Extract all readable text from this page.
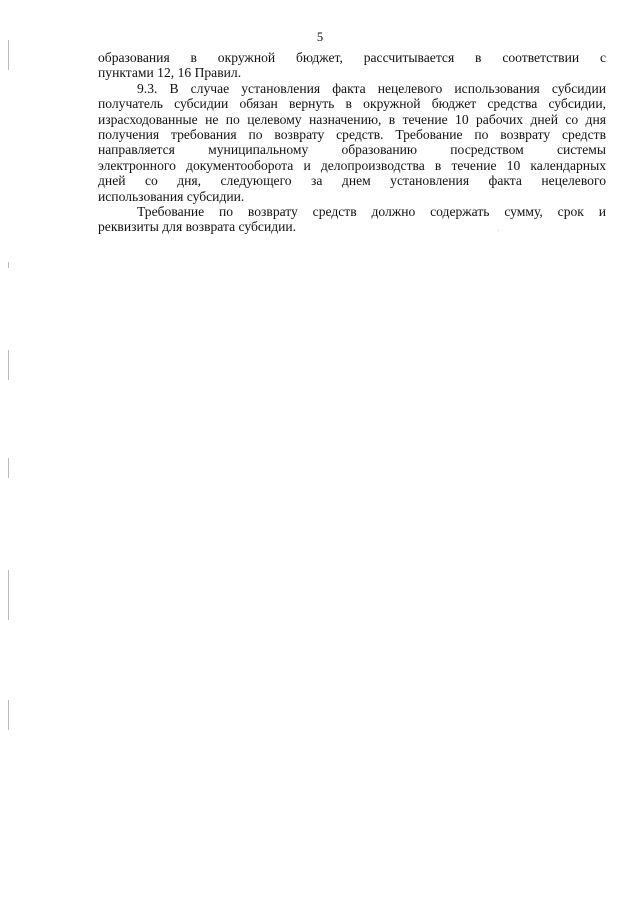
5

образования в окружной бюджет, рассчитывается в соответствии с
пунктами 12, 16 Правил.

9.3. В случае установления факта нецелевого использования субсидии
получатель субсидии обязан вернуть в окружной бюджет средства субсидии,
израсходованные не по целевому назначению, в течение 10 рабочих дней со дня
получения требования по возврату средств. Требование по возврату средств
направляется муниципальному образованию посредством системы
электронного документооборота и делопроизводства в течение 10 календарных
дней со дня, следующего за днем установления факта нецелевого
использования субсидии.

Требование по возврату средств должно содержать сумму, срок и
реквизиты для возврата субсидии.
